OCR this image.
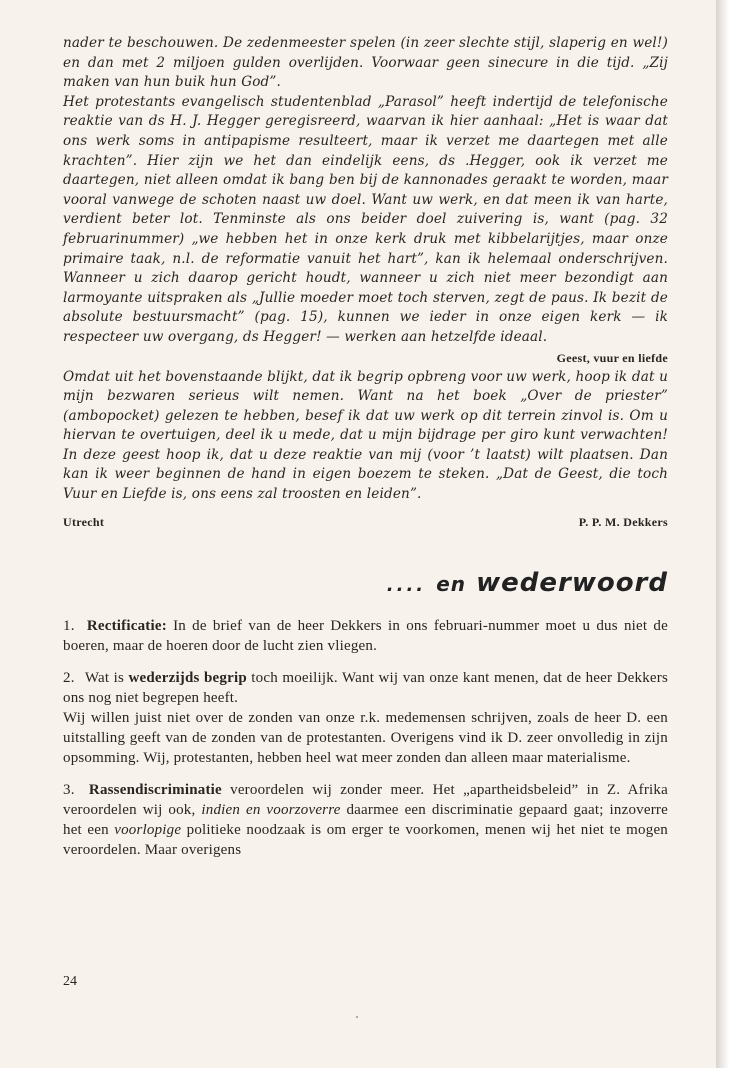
nader te beschouwen. De zedenmeester spelen (in zeer slechte stijl, slaperig en wel!) en dan met 2 miljoen gulden overlijden. Voorwaar geen sinecure in die tijd. „Zij maken van hun buik hun God”.

Het protestants evangelisch studentenblad „Parasol” heeft indertijd de telefonische reaktie van ds H. J. Hegger geregisreerd, waarvan ik hier aanhaal: „Het is waar dat ons werk soms in antipapisme resulteert, maar ik verzet me daartegen met alle krachten”. Hier zijn we het dan eindelijk eens, ds .Hegger, ook ik verzet me daartegen, niet alleen omdat ik bang ben bij de kannonades geraakt te worden, maar vooral vanwege de schoten naast uw doel. Want uw werk, en dat meen ik van harte, verdient beter lot. Tenminste als ons beider doel zuivering is, want (pag. 32 februarinummer) „we hebben het in onze kerk druk met kibbelarijtjes, maar onze primaire taak, n.l. de reformatie vanuit het hart”, kan ik helemaal onderschrijven. Wanneer u zich daarop gericht houdt, wanneer u zich niet meer bezondigt aan larmoyante uitspraken als „Jullie moeder moet toch sterven, zegt de paus. Ik bezit de absolute bestuursmacht” (pag. 15), kunnen we ieder in onze eigen kerk — ik respecteer uw overgang, ds Hegger! — werken aan hetzelfde ideaal.

Geest, vuur en liefde

Omdat uit het bovenstaande blijkt, dat ik begrip opbreng voor uw werk, hoop ik dat u mijn bezwaren serieus wilt nemen. Want na het boek „Over de priester” (ambopocket) gelezen te hebben, besef ik dat uw werk op dit terrein zinvol is. Om u hiervan te overtuigen, deel ik u mede, dat u mijn bijdrage per giro kunt verwachten! In deze geest hoop ik, dat u deze reaktie van mij (voor ’t laatst) wilt plaatsen. Dan kan ik weer beginnen de hand in eigen boezem te steken. „Dat de Geest, die toch Vuur en Liefde is, ons eens zal troosten en leiden”.

Utrecht	P. P. M. Dekkers
.... en wederwoord

1. Rectificatie: In de brief van de heer Dekkers in ons februari-nummer moet u dus niet de boeren, maar de hoeren door de lucht zien vliegen.

2. Wat is wederzijds begrip toch moeilijk. Want wij van onze kant menen, dat de heer Dekkers ons nog niet begrepen heeft.

Wij willen juist niet over de zonden van onze r.k. medemensen schrijven, zoals de heer D. een uitstalling geeft van de zonden van de protestanten. Overigens vind ik D. zeer onvolledig in zijn opsomming. Wij, protestanten, hebben heel wat meer zonden dan alleen maar materialisme.

3. Rassendiscriminatie veroordelen wij zonder meer. Het „apartheidsbeleid” in Z. Afrika veroordelen wij ook, indien en voorzoverre daarmee een discriminatie gepaard gaat; inzoverre het een voorlopige politieke noodzaak is om erger te voorkomen, menen wij het niet te mogen veroordelen. Maar overigens

24
